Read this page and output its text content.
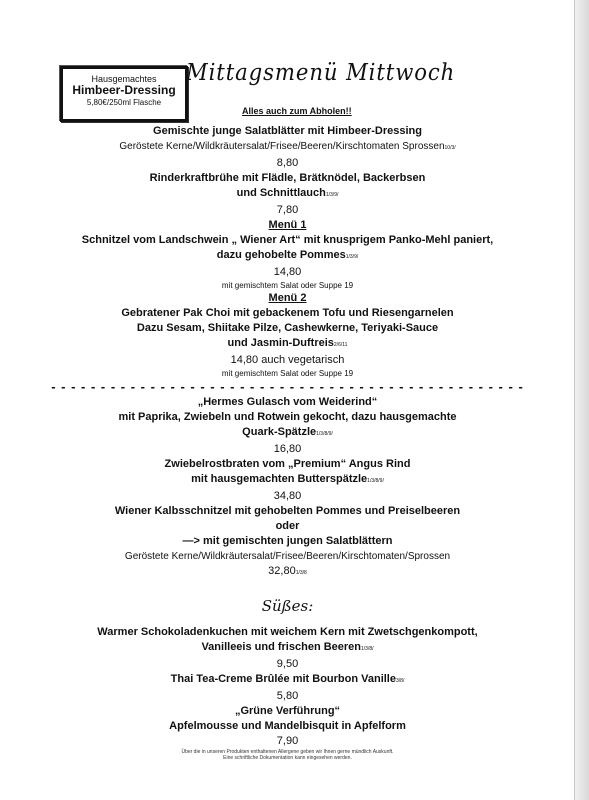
Hausgemachtes
Himbeer-Dressing
5,80€/250ml Flasche
Mittagsmenü Mittwoch
Alles auch zum Abholen!!
Gemischte junge Salatblätter mit Himbeer-Dressing
Geröstete Kerne/Wildkräutersalat/Frisee/Beeren/Kirschtomaten Sprossen10/3/
8,80
Rinderkraftbrühe mit Flädle, Brätknödel, Backerbsen
und Schnittlauch1/3/9/
7,80
Menü 1
Schnitzel vom Landschwein „ Wiener Art“ mit knusprigem Panko-Mehl paniert,
dazu gehobelte Pommes1/3/9/
14,80
mit gemischtem Salat oder Suppe 19
Menü 2
Gebratener Pak Choi mit gebackenem Tofu und Riesengarnelen
Dazu Sesam, Shiitake Pilze, Cashewkerne, Teriyaki-Sauce
und Jasmin-Duftreis2/6/11
14,80 auch vegetarisch
mit gemischtem Salat oder Suppe 19
- - - - - - - - - - - - - - - - - - - - - - - - - - - - - - - - - - - - - - - - - - - - - - - -
„Hermes Gulasch vom Weiderind“
mit Paprika, Zwiebeln und Rotwein gekocht, dazu hausgemachte
Quark-Spätzle1/3/8/9/
16,80
Zwiebelrostbraten vom „Premium“ Angus Rind
mit hausgemachten Butterspätzle1/3/8/9/
34,80
Wiener Kalbsschnitzel mit gehobelten Pommes und Preiselbeeren
oder
—> mit gemischten jungen Salatblättern
Geröstete Kerne/Wildkräutersalat/Frisee/Beeren/Kirschtomaten/Sprossen
32,801/3/8
Süßes:
Warmer Schokoladenkuchen mit weichem Kern mit Zwetschgenkompott,
Vanilleeis und frischen Beeren1/3/8/
9,50
Thai Tea-Creme Brûlée mit Bourbon Vanille3/8/
5,80
„Grüne Verführung“
Apfelmousse und Mandelbisquit in Apfelform
7,90
Über die in unseren Produkten enthaltenen Allergene geben wir Ihnen gerne mündlich Auskunft.
Eine schriftliche Dokumentation kann eingesehen werden.
